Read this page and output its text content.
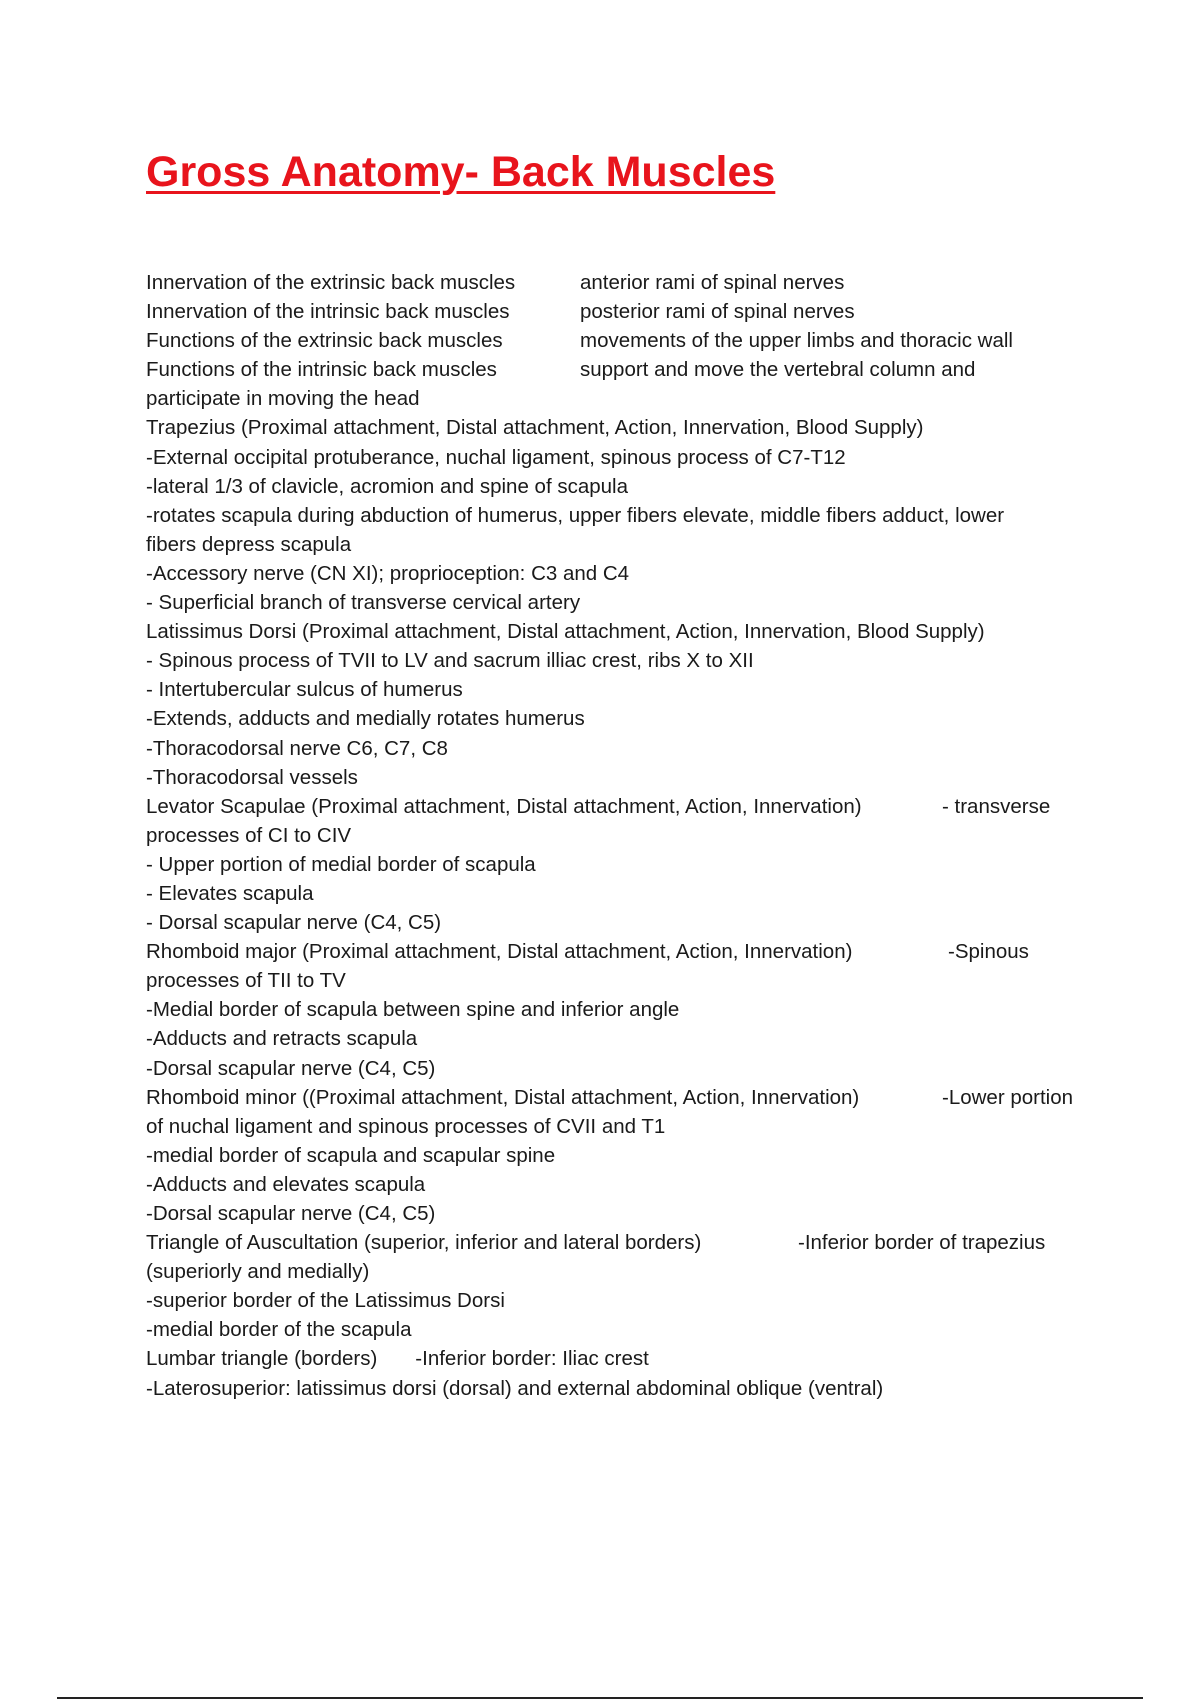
Gross Anatomy- Back Muscles
Innervation of the extrinsic back muscles	anterior rami of spinal nerves
Innervation of the intrinsic back muscles	posterior rami of spinal nerves
Functions of the extrinsic back muscles	movements of the upper limbs and thoracic wall
Functions of the intrinsic back muscles	support and move the vertebral column and
participate in moving the head
Trapezius (Proximal attachment, Distal attachment, Action, Innervation, Blood Supply)
-External occipital protuberance, nuchal ligament, spinous process of C7-T12
-lateral 1/3 of clavicle, acromion and spine of scapula
-rotates scapula during abduction of humerus, upper fibers elevate, middle fibers adduct, lower
fibers depress scapula
-Accessory nerve (CN XI); proprioception: C3 and C4
- Superficial branch of transverse cervical artery
Latissimus Dorsi (Proximal attachment, Distal attachment, Action, Innervation, Blood Supply)
- Spinous process of TVII to LV and sacrum illiac crest, ribs X to XII
- Intertubercular sulcus of humerus
-Extends, adducts and medially rotates humerus
-Thoracodorsal nerve C6, C7, C8
-Thoracodorsal vessels
Levator Scapulae (Proximal attachment, Distal attachment, Action, Innervation)	- transverse
processes of CI to CIV
- Upper portion of medial border of scapula
- Elevates scapula
- Dorsal scapular nerve (C4, C5)
Rhomboid major (Proximal attachment, Distal attachment, Action, Innervation)	-Spinous
processes of TII to TV
-Medial border of scapula between spine and inferior angle
-Adducts and retracts scapula
-Dorsal scapular nerve (C4, C5)
Rhomboid minor ((Proximal attachment, Distal attachment, Action, Innervation)	-Lower portion
of nuchal ligament and spinous processes of CVII and T1
-medial border of scapula and scapular spine
-Adducts and elevates scapula
-Dorsal scapular nerve (C4, C5)
Triangle of Auscultation (superior, inferior and lateral borders)	-Inferior border of trapezius
(superiorly and medially)
-superior border of the Latissimus Dorsi
-medial border of the scapula
Lumbar triangle (borders) -Inferior border: Iliac crest
-Laterosuperior: latissimus dorsi (dorsal) and external abdominal oblique (ventral)
